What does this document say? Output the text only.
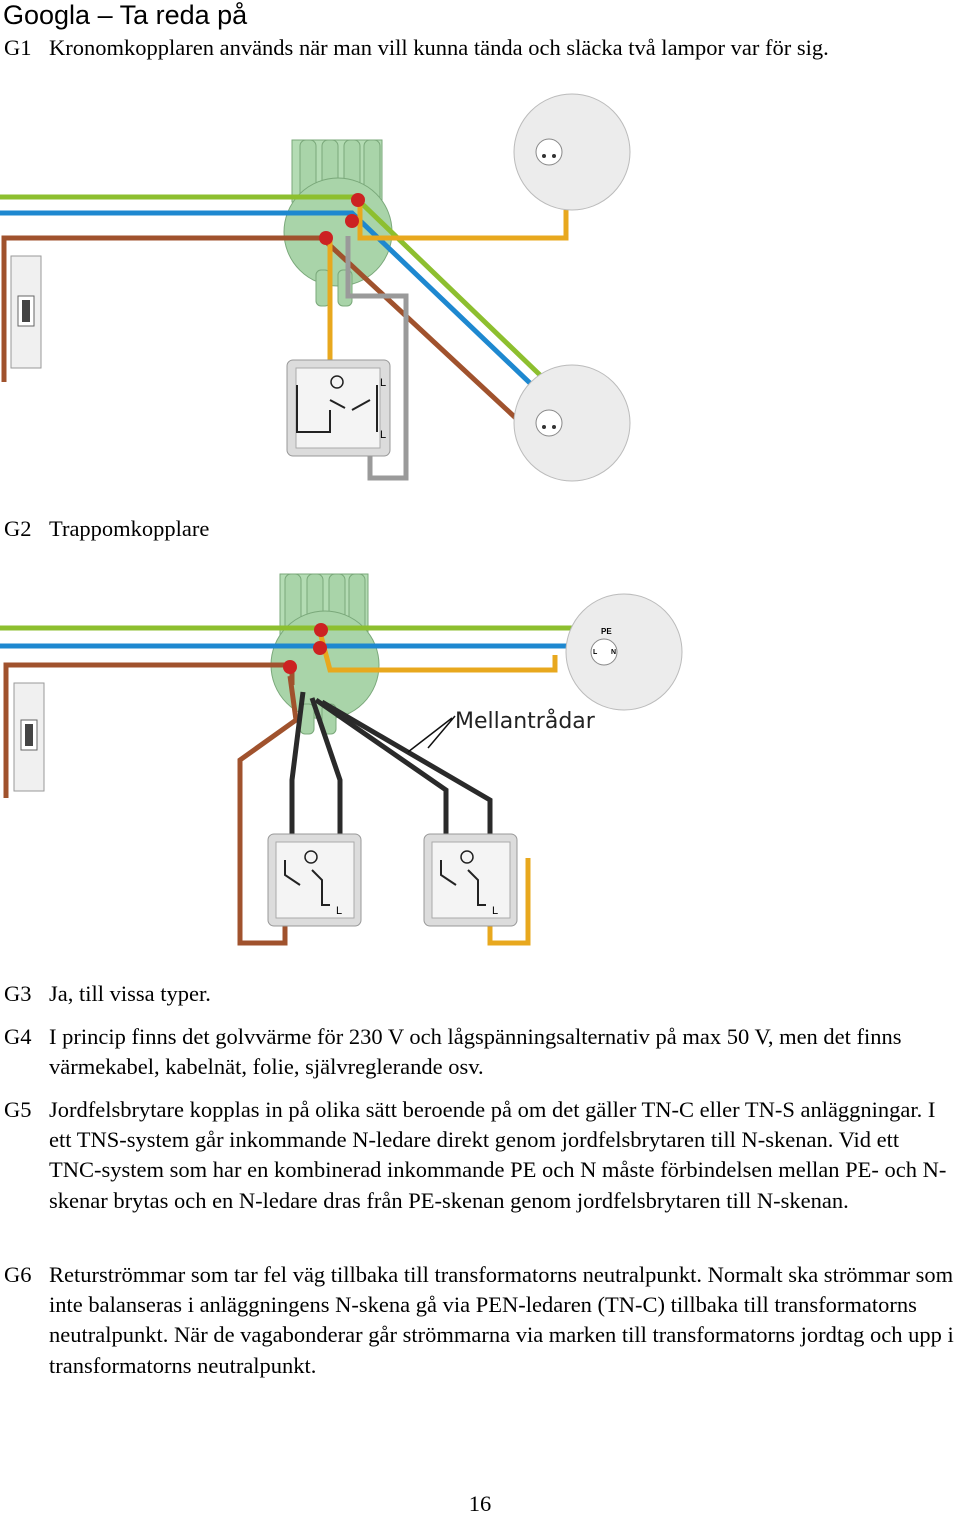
Googla – Ta reda på
G1 Kronomkopplaren används när man vill kunna tända och släcka två lampor var för sig.
L
L
G2 Trappomkopplare
PE
L N
Mellantrådar
L	L
G3 Ja, till vissa typer.
G4 I princip finns det golvvärme för 230 V och lågspänningsalternativ på max 50 V, men det finns värmekabel, kabelnät, folie, självreglerande osv.
G5 Jordfelsbrytare kopplas in på olika sätt beroende på om det gäller TN-C eller TN-S anläggningar. I ett TNS-system går inkommande N-ledare direkt genom jordfelsbrytaren till N-skenan. Vid ett TNC-system som har en kombinerad inkommande PE och N måste förbindelsen mellan PE- och N-skenar brytas och en N-ledare dras från PE-skenan genom jordfelsbrytaren till N-skenan.
G6 Returströmmar som tar fel väg tillbaka till transformatorns neutralpunkt. Normalt ska strömmar som inte balanseras i anläggningens N-skena gå via PEN-ledaren (TN-C) tillbaka till transformatorns neutralpunkt. När de vagabonderar går strömmarna via marken till transformatorns jordtag och upp i transformatorns neutralpunkt.
16
